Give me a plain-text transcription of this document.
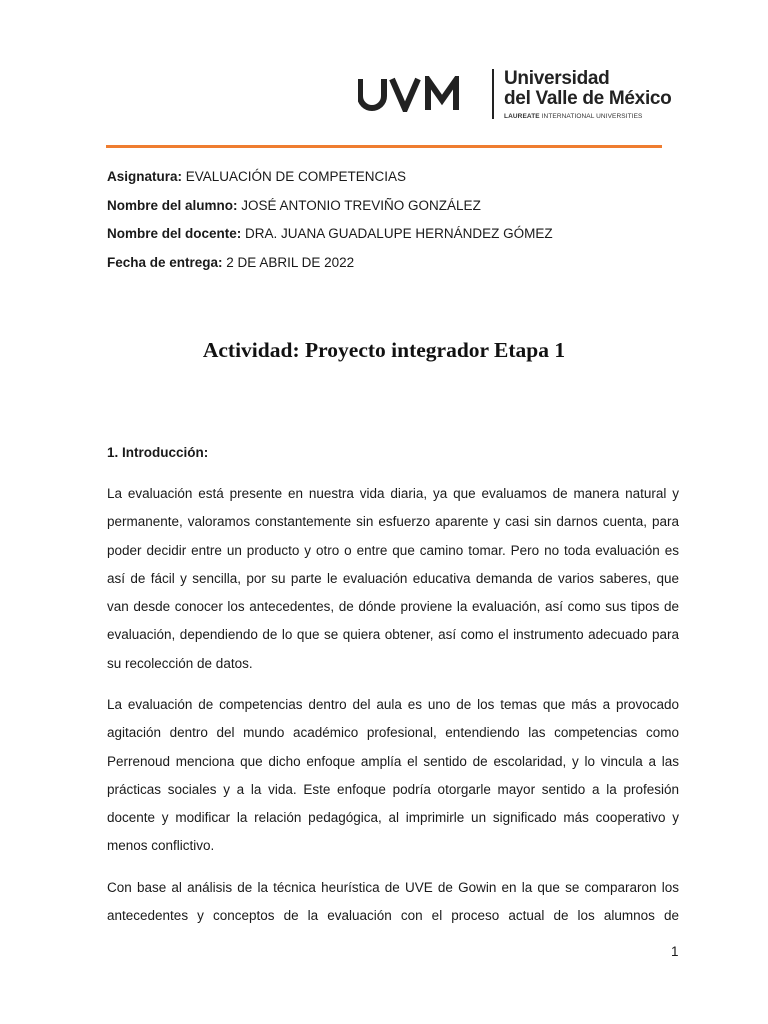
UVM	Universidad
del Valle de México
LAUREATE INTERNATIONAL UNIVERSITIES
Asignatura: EVALUACIÓN DE COMPETENCIAS
Nombre del alumno: JOSÉ ANTONIO TREVIÑO GONZÁLEZ
Nombre del docente: DRA. JUANA GUADALUPE HERNÁNDEZ GÓMEZ
Fecha de entrega: 2 DE ABRIL DE 2022
Actividad: Proyecto integrador Etapa 1
1. Introducción:

La evaluación está presente en nuestra vida diaria, ya que evaluamos de manera natural y permanente, valoramos constantemente sin esfuerzo aparente y casi sin darnos cuenta, para poder decidir entre un producto y otro o entre que camino tomar. Pero no toda evaluación es así de fácil y sencilla, por su parte le evaluación educativa demanda de varios saberes, que van desde conocer los antecedentes, de dónde proviene la evaluación, así como sus tipos de evaluación, dependiendo de lo que se quiera obtener, así como el instrumento adecuado para su recolección de datos.

La evaluación de competencias dentro del aula es uno de los temas que más a provocado agitación dentro del mundo académico profesional, entendiendo las competencias como Perrenoud menciona que dicho enfoque amplía el sentido de escolaridad, y lo vincula a las prácticas sociales y a la vida. Este enfoque podría otorgarle mayor sentido a la profesión docente y modificar la relación pedagógica, al imprimirle un significado más cooperativo y menos conflictivo.

Con base al análisis de la técnica heurística de UVE de Gowin en la que se compararon los antecedentes y conceptos de la evaluación con el proceso actual de los alumnos de

1
